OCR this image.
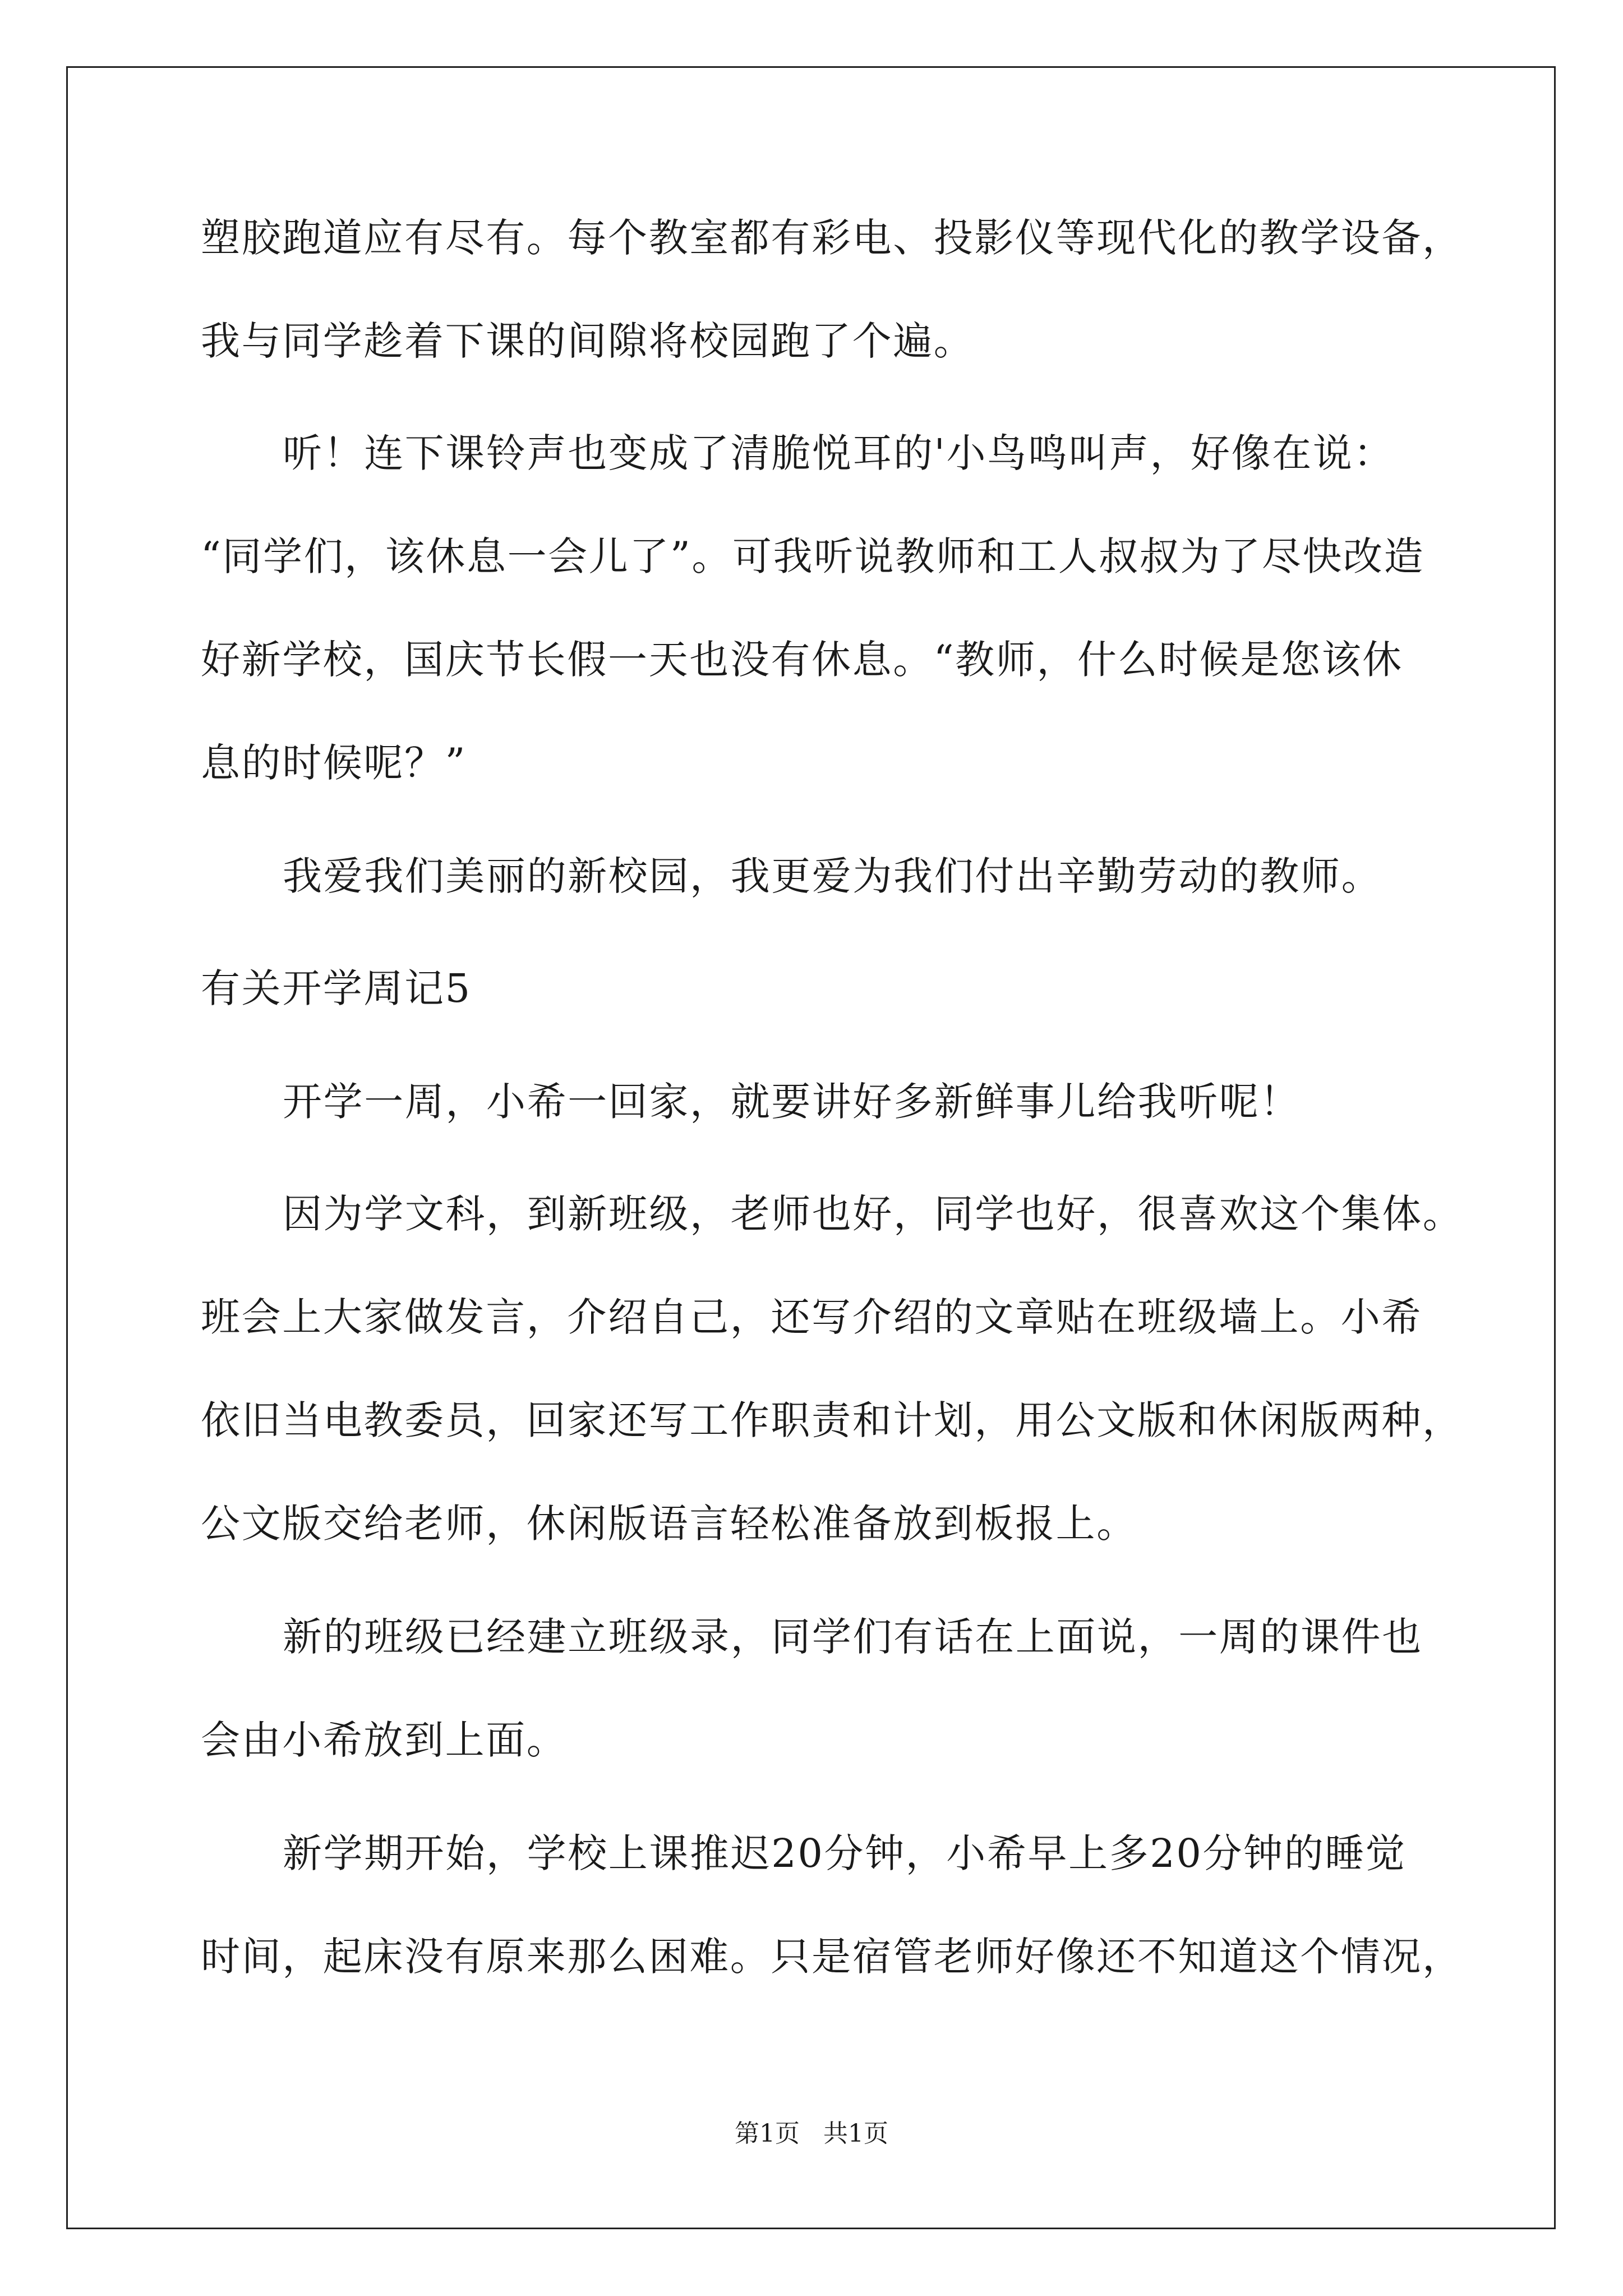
塑胶跑道应有尽有。每个教室都有彩电、投影仪等现代化的教学设备，
我与同学趁着下课的间隙将校园跑了个遍。
听！连下课铃声也变成了清脆悦耳的'小鸟鸣叫声，好像在说：
“同学们，该休息一会儿了”。可我听说教师和工人叔叔为了尽快改造
好新学校，国庆节长假一天也没有休息。“教师，什么时候是您该休
息的时候呢？”
我爱我们美丽的新校园，我更爱为我们付出辛勤劳动的教师。
有关开学周记5
开学一周，小希一回家，就要讲好多新鲜事儿给我听呢！
因为学文科，到新班级，老师也好，同学也好，很喜欢这个集体。
班会上大家做发言，介绍自己，还写介绍的文章贴在班级墙上。小希
依旧当电教委员，回家还写工作职责和计划，用公文版和休闲版两种，
公文版交给老师，休闲版语言轻松准备放到板报上。
新的班级已经建立班级录，同学们有话在上面说，一周的课件也
会由小希放到上面。
新学期开始，学校上课推迟20分钟，小希早上多20分钟的睡觉
时间，起床没有原来那么困难。只是宿管老师好像还不知道这个情况，
第1页 共1页
